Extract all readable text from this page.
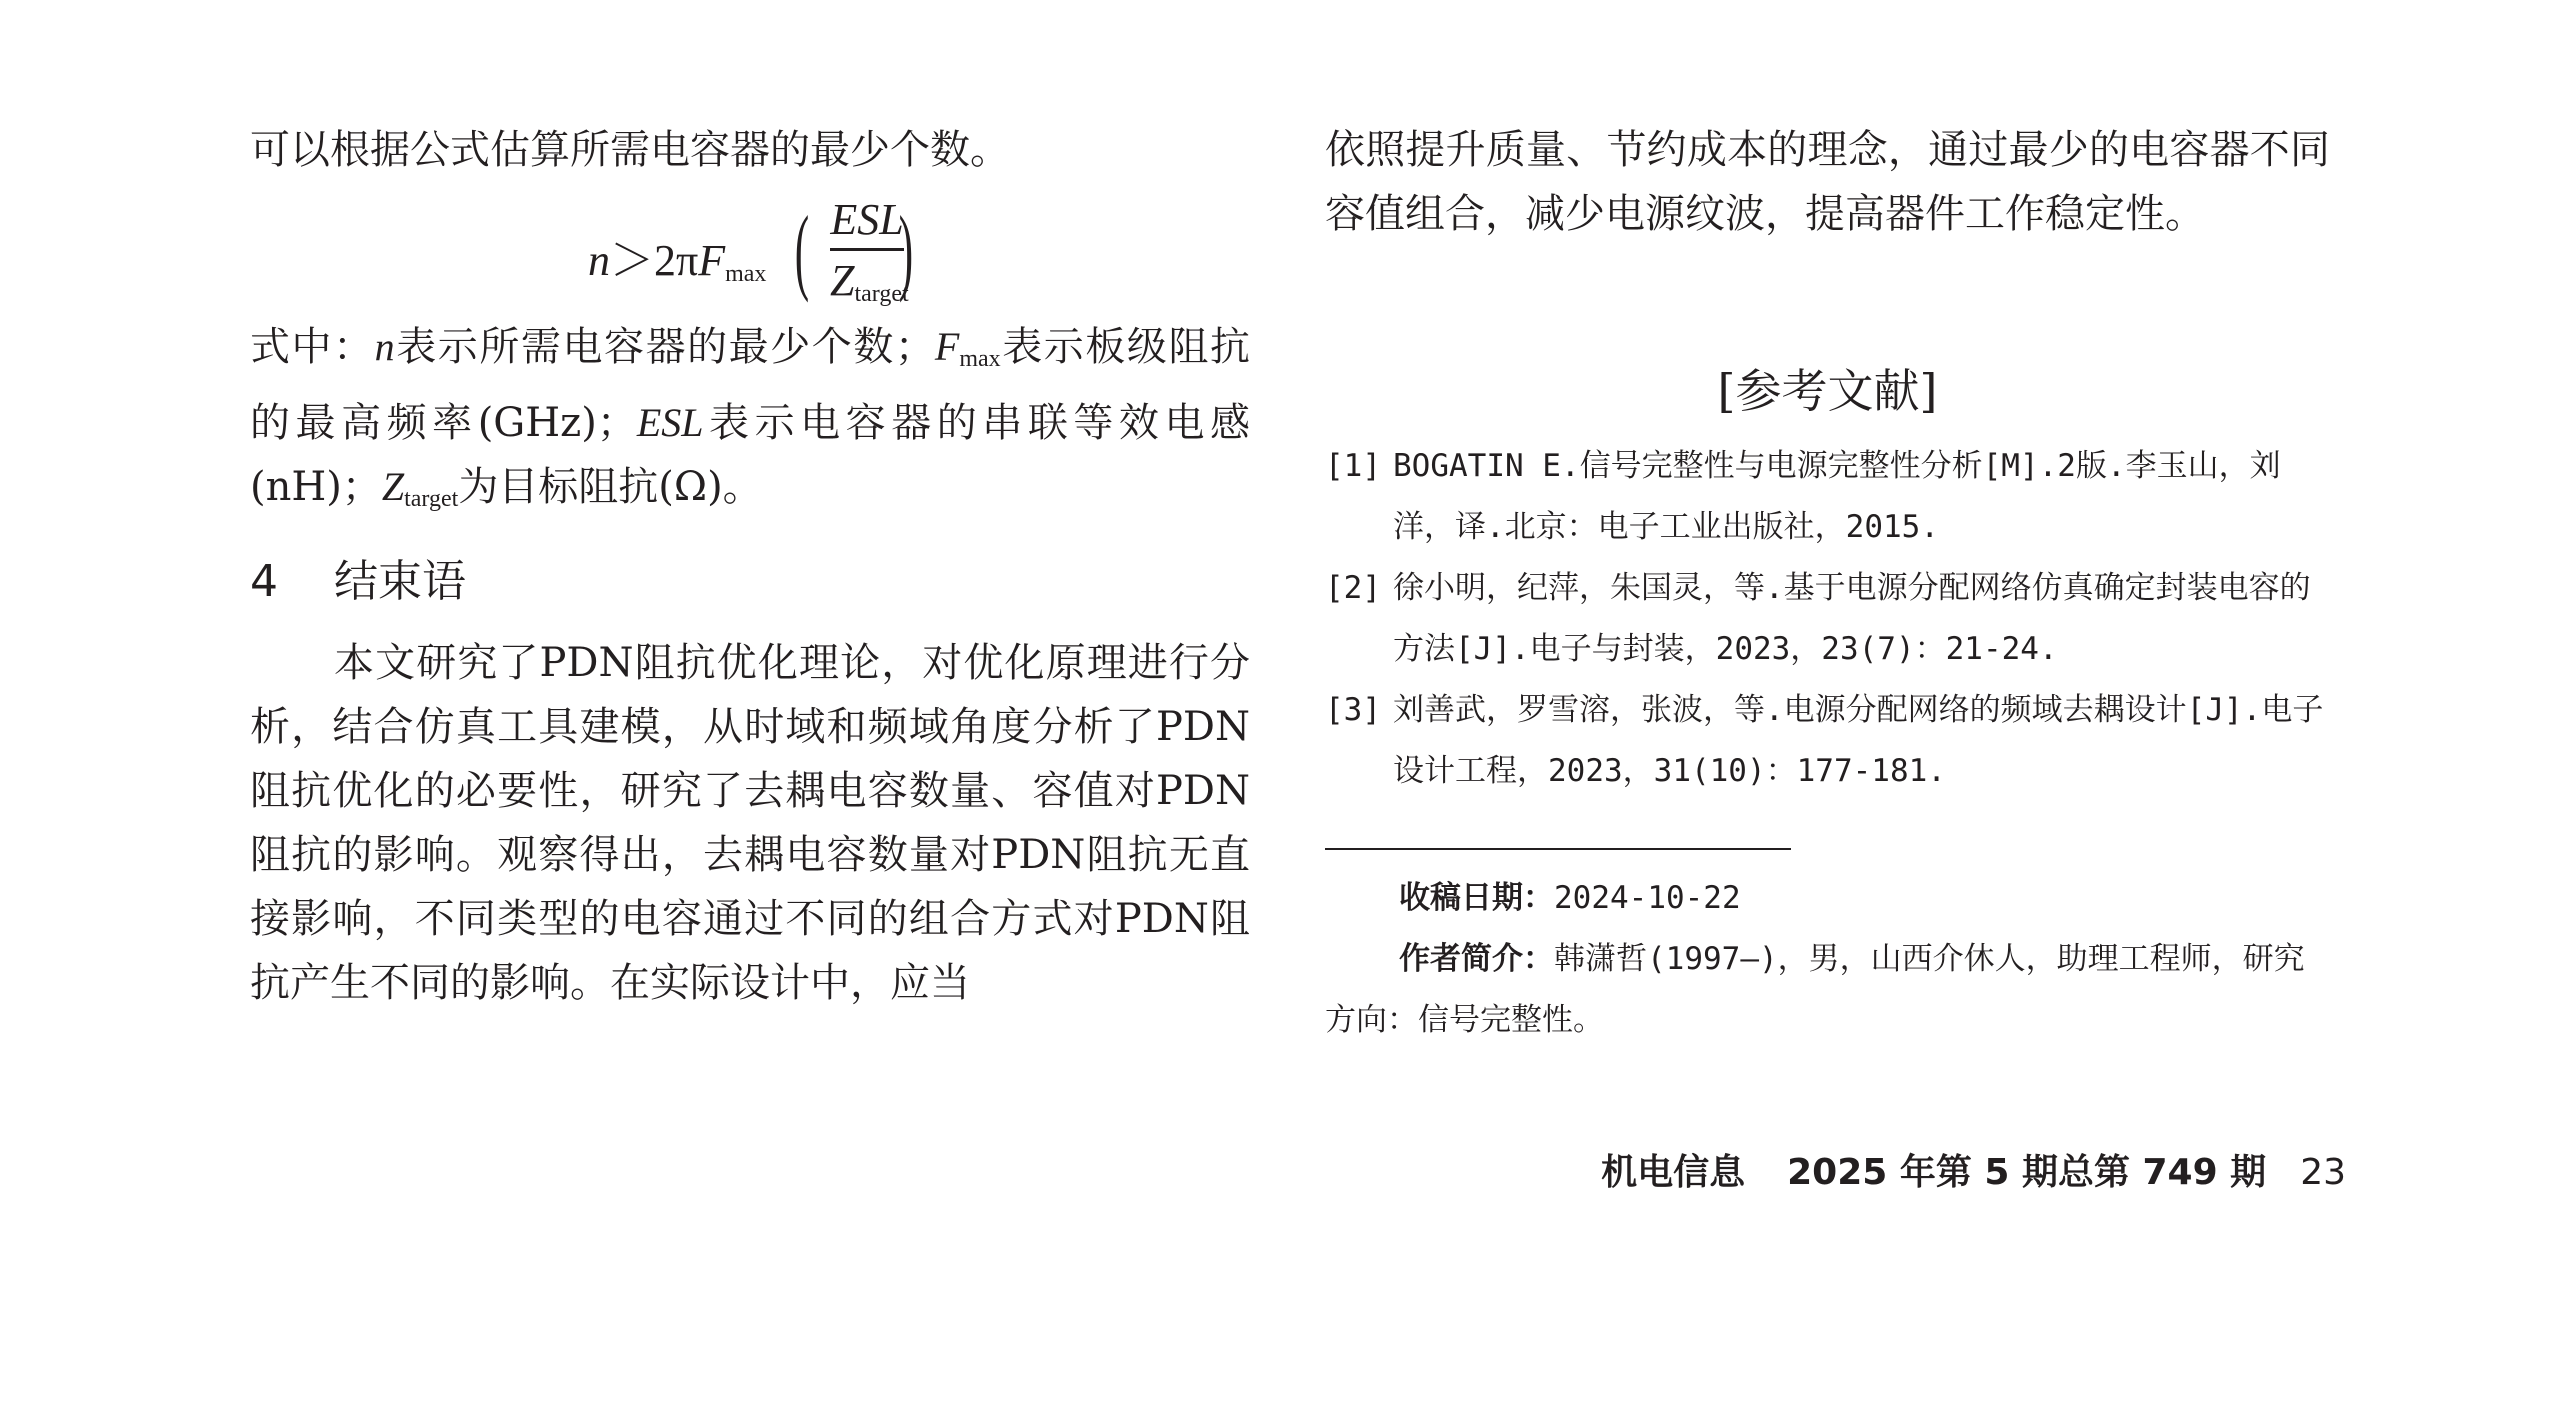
可以根据公式估算所需电容器的最少个数。

$n>2\pi F_{max}$ ( ESL
$Z_{target}$
)

式中：n表示所需电容器的最少个数；$F_{max}$表示板级阻抗的最高频率(GHz)；ESL表示电容器的串联等效电感(nH)；$Z_{target}$为目标阻抗(Ω)。

4 结束语

本文研究了PDN阻抗优化理论，对优化原理进行分析，结合仿真工具建模，从时域和频域角度分析了PDN阻抗优化的必要性，研究了去耦电容数量、容值对PDN阻抗的影响。观察得出，去耦电容数量对PDN阻抗无直接影响，不同类型的电容通过不同的组合方式对PDN阻抗产生不同的影响。在实际设计中，应当

依照提升质量、节约成本的理念，通过最少的电容器不同容值组合，减少电源纹波，提高器件工作稳定性。

[参考文献]

[1] BOGATIN E.信号完整性与电源完整性分析[M].2版.李玉山，刘洋，译.北京：电子工业出版社，2015.

[2] 徐小明，纪萍，朱国灵，等.基于电源分配网络仿真确定封装电容的方法[J].电子与封装，2023，23(7)：21-24.

[3] 刘善武，罗雪溶，张波，等.电源分配网络的频域去耦设计[J].电子设计工程，2023，31(10)：177-181.

收稿日期：2024-10-22

作者简介：韩潇哲(1997—)，男，山西介休人，助理工程师，研究方向：信号完整性。

机电信息 2025 年第 5 期总第 749 期 23
